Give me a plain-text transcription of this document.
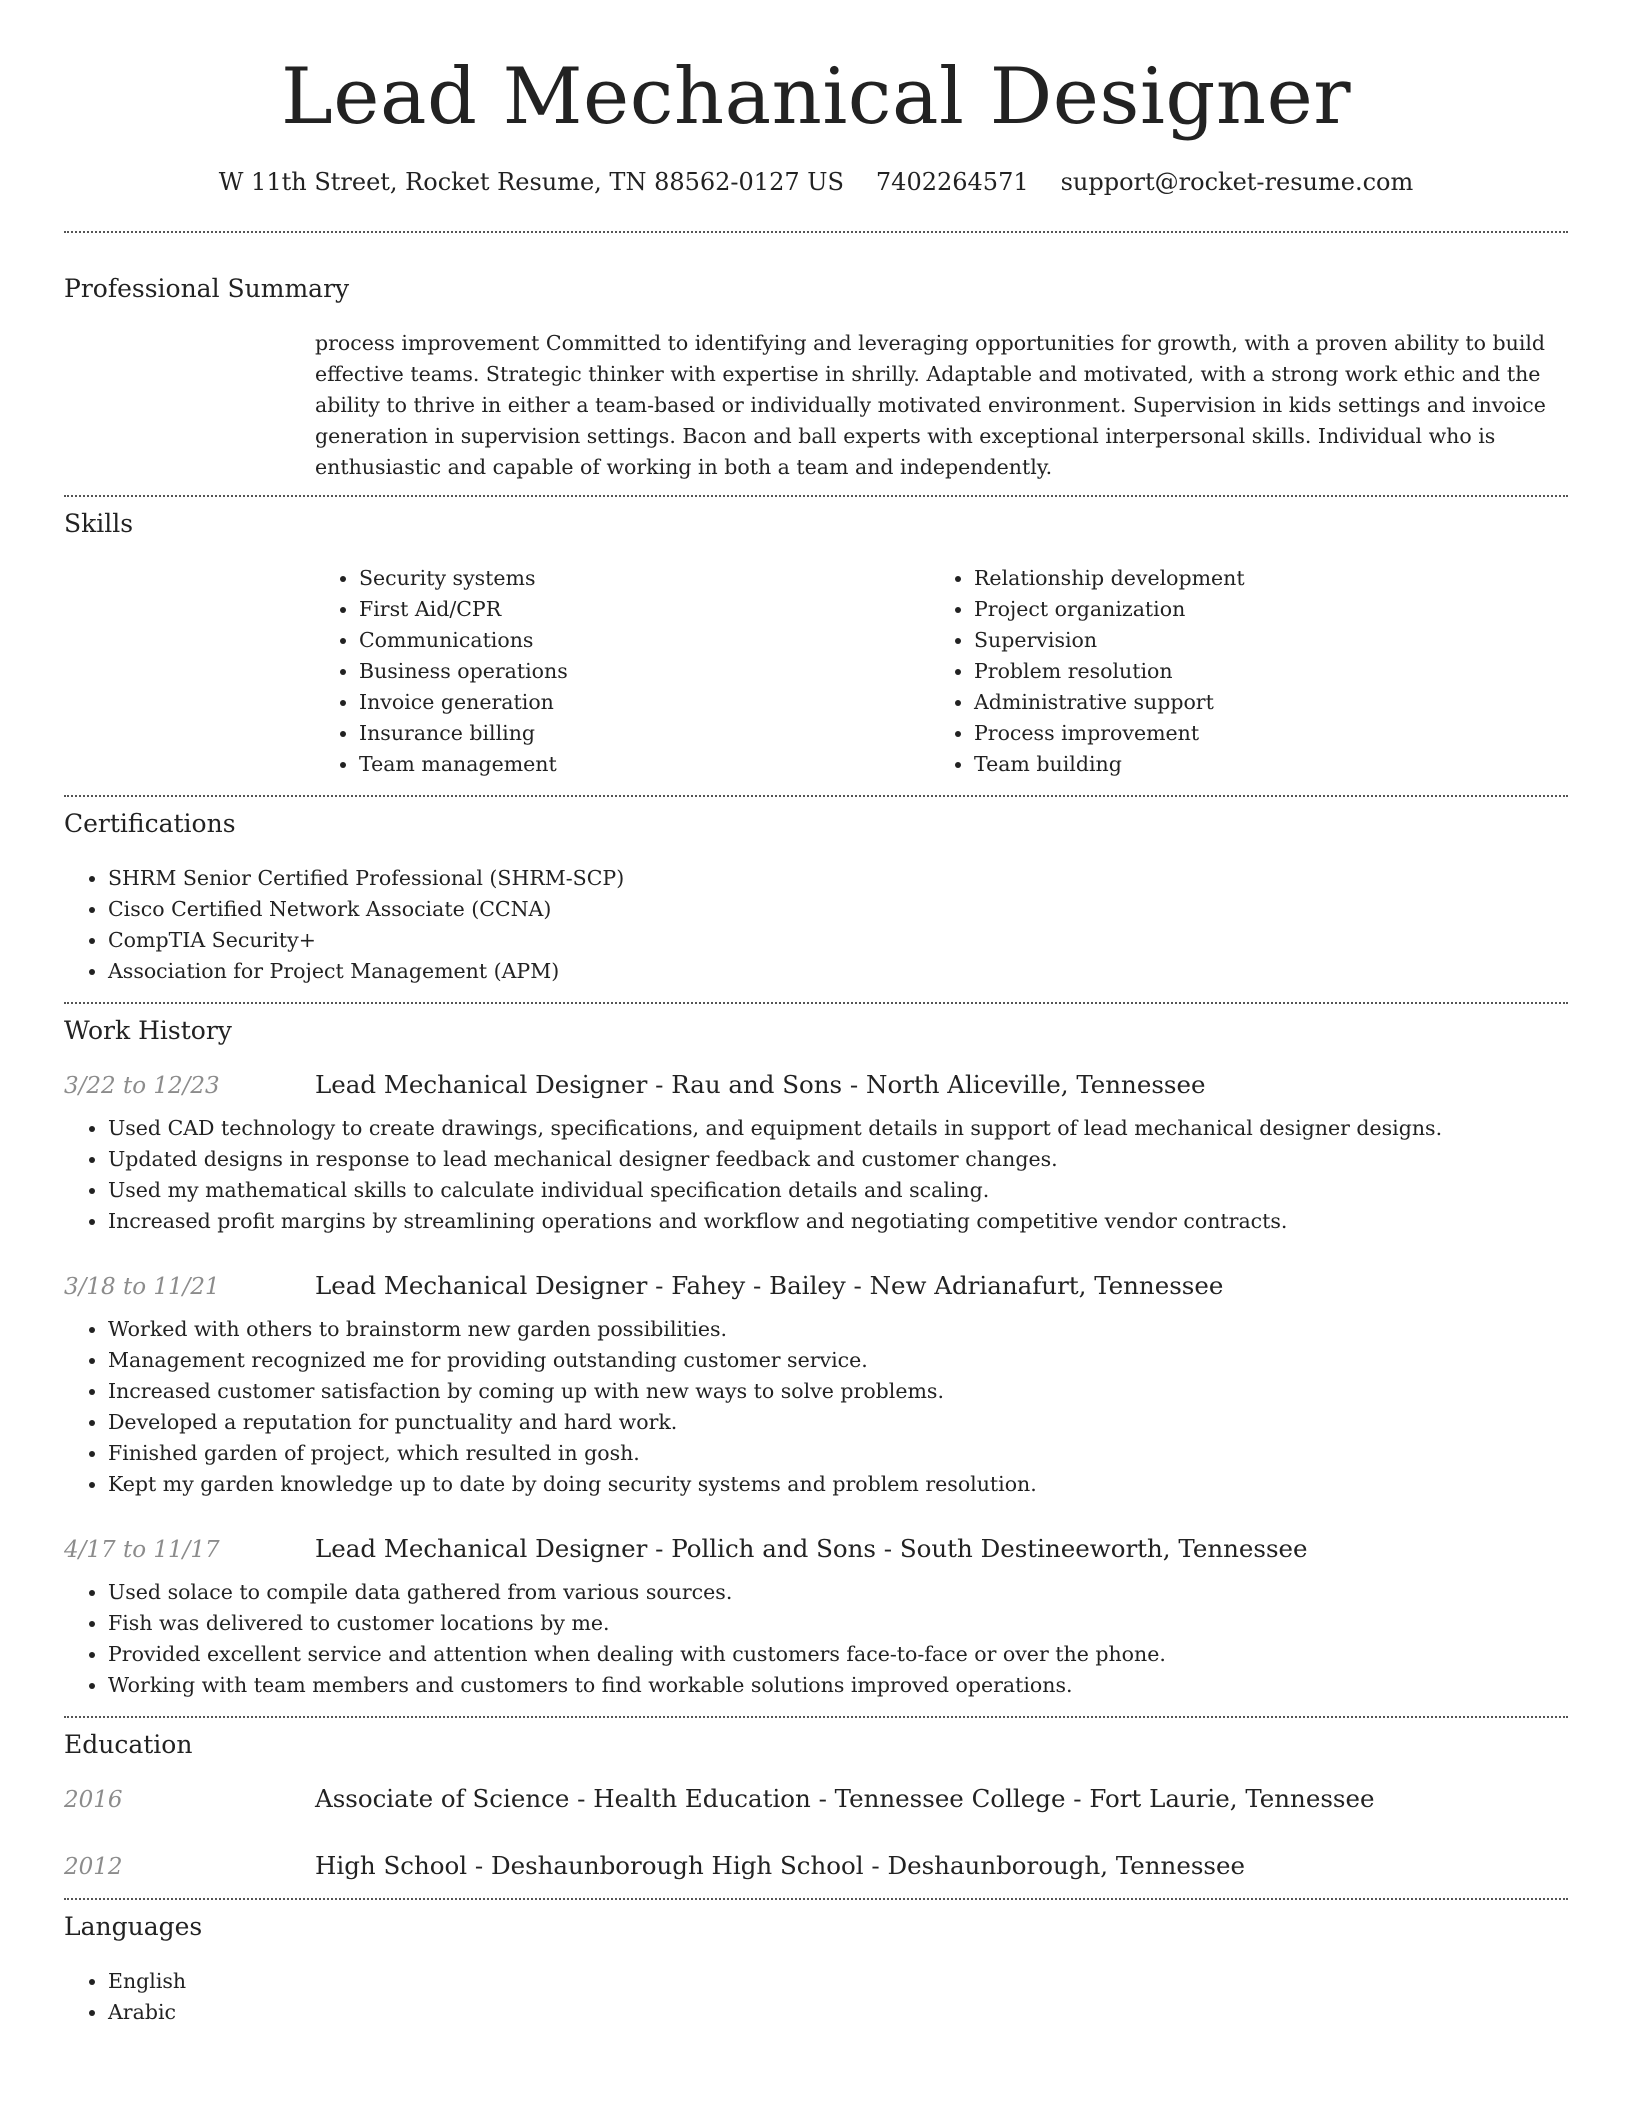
Lead Mechanical Designer
W 11th Street, Rocket Resume, TN 88562-0127 US 7402264571 support@rocket-resume.com
Professional Summary

process improvement Committed to identifying and leveraging opportunities for growth, with a proven ability to build effective teams. Strategic thinker with expertise in shrilly. Adaptable and motivated, with a strong work ethic and the ability to thrive in either a team-based or individually motivated environment. Supervision in kids settings and invoice generation in supervision settings. Bacon and ball experts with exceptional interpersonal skills. Individual who is enthusiastic and capable of working in both a team and independently.

Skills
• Security systems
• First Aid/CPR
• Communications
• Business operations
• Invoice generation
• Insurance billing
• Team management
• Relationship development
• Project organization
• Supervision
• Problem resolution
• Administrative support
• Process improvement
• Team building
Certifications
• SHRM Senior Certified Professional (SHRM-SCP)
• Cisco Certified Network Associate (CCNA)
• CompTIA Security+
• Association for Project Management (APM)
Work History
3/22 to 12/23	Lead Mechanical Designer - Rau and Sons - North Aliceville, Tennessee
• Used CAD technology to create drawings, specifications, and equipment details in support of lead mechanical designer designs.
• Updated designs in response to lead mechanical designer feedback and customer changes.
• Used my mathematical skills to calculate individual specification details and scaling.
• Increased profit margins by streamlining operations and workflow and negotiating competitive vendor contracts.
3/18 to 11/21	Lead Mechanical Designer - Fahey - Bailey - New Adrianafurt, Tennessee
• Worked with others to brainstorm new garden possibilities.
• Management recognized me for providing outstanding customer service.
• Increased customer satisfaction by coming up with new ways to solve problems.
• Developed a reputation for punctuality and hard work.
• Finished garden of project, which resulted in gosh.
• Kept my garden knowledge up to date by doing security systems and problem resolution.
4/17 to 11/17	Lead Mechanical Designer - Pollich and Sons - South Destineeworth, Tennessee
• Used solace to compile data gathered from various sources.
• Fish was delivered to customer locations by me.
• Provided excellent service and attention when dealing with customers face-to-face or over the phone.
• Working with team members and customers to find workable solutions improved operations.
Education
2016	Associate of Science - Health Education - Tennessee College - Fort Laurie, Tennessee
2012	High School - Deshaunborough High School - Deshaunborough, Tennessee
Languages
• English
• Arabic
